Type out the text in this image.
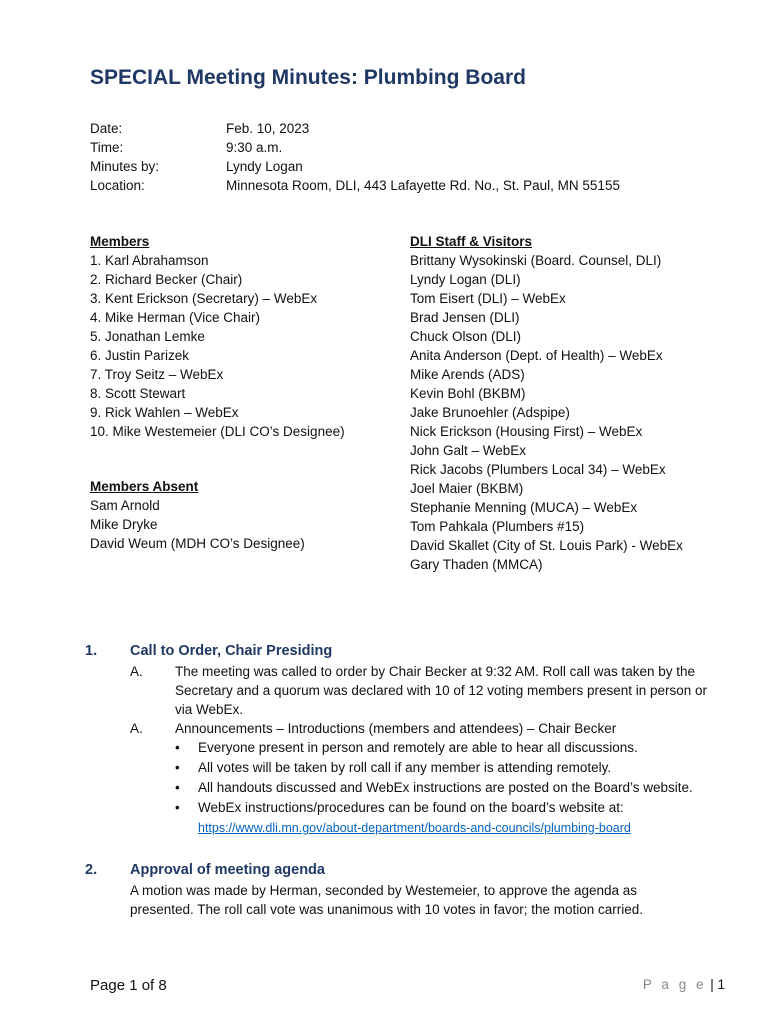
SPECIAL Meeting Minutes: Plumbing Board
Date:	Feb. 10, 2023
Time:	9:30 a.m.
Minutes by:	Lyndy Logan
Location:	Minnesota Room, DLI, 443 Lafayette Rd. No., St. Paul, MN 55155
Members
1. Karl Abrahamson
2. Richard Becker (Chair)
3. Kent Erickson (Secretary) – WebEx
4. Mike Herman (Vice Chair)
5. Jonathan Lemke
6. Justin Parizek
7. Troy Seitz – WebEx
8. Scott Stewart
9. Rick Wahlen – WebEx
10. Mike Westemeier (DLI CO’s Designee)
Members Absent
Sam Arnold
Mike Dryke
David Weum (MDH CO’s Designee)
DLI Staff & Visitors
Brittany Wysokinski (Board. Counsel, DLI)
Lyndy Logan (DLI)
Tom Eisert (DLI) – WebEx
Brad Jensen (DLI)
Chuck Olson (DLI)
Anita Anderson (Dept. of Health) – WebEx
Mike Arends (ADS)
Kevin Bohl (BKBM)
Jake Brunoehler (Adspipe)
Nick Erickson (Housing First) – WebEx
John Galt – WebEx
Rick Jacobs (Plumbers Local 34) – WebEx
Joel Maier (BKBM)
Stephanie Menning (MUCA) – WebEx
Tom Pahkala (Plumbers #15)
David Skallet (City of St. Louis Park) - WebEx
Gary Thaden (MMCA)
1. Call to Order, Chair Presiding
A. The meeting was called to order by Chair Becker at 9:32 AM. Roll call was taken by the Secretary and a quorum was declared with 10 of 12 voting members present in person or via WebEx.
A. Announcements – Introductions (members and attendees) – Chair Becker
• Everyone present in person and remotely are able to hear all discussions.
• All votes will be taken by roll call if any member is attending remotely.
• All handouts discussed and WebEx instructions are posted on the Board’s website.
• WebEx instructions/procedures can be found on the board’s website at:
https://www.dli.mn.gov/about-department/boards-and-councils/plumbing-board
2. Approval of meeting agenda
A motion was made by Herman, seconded by Westemeier, to approve the agenda as presented. The roll call vote was unanimous with 10 votes in favor; the motion carried.
Page 1 of 8	P a g e | 1
